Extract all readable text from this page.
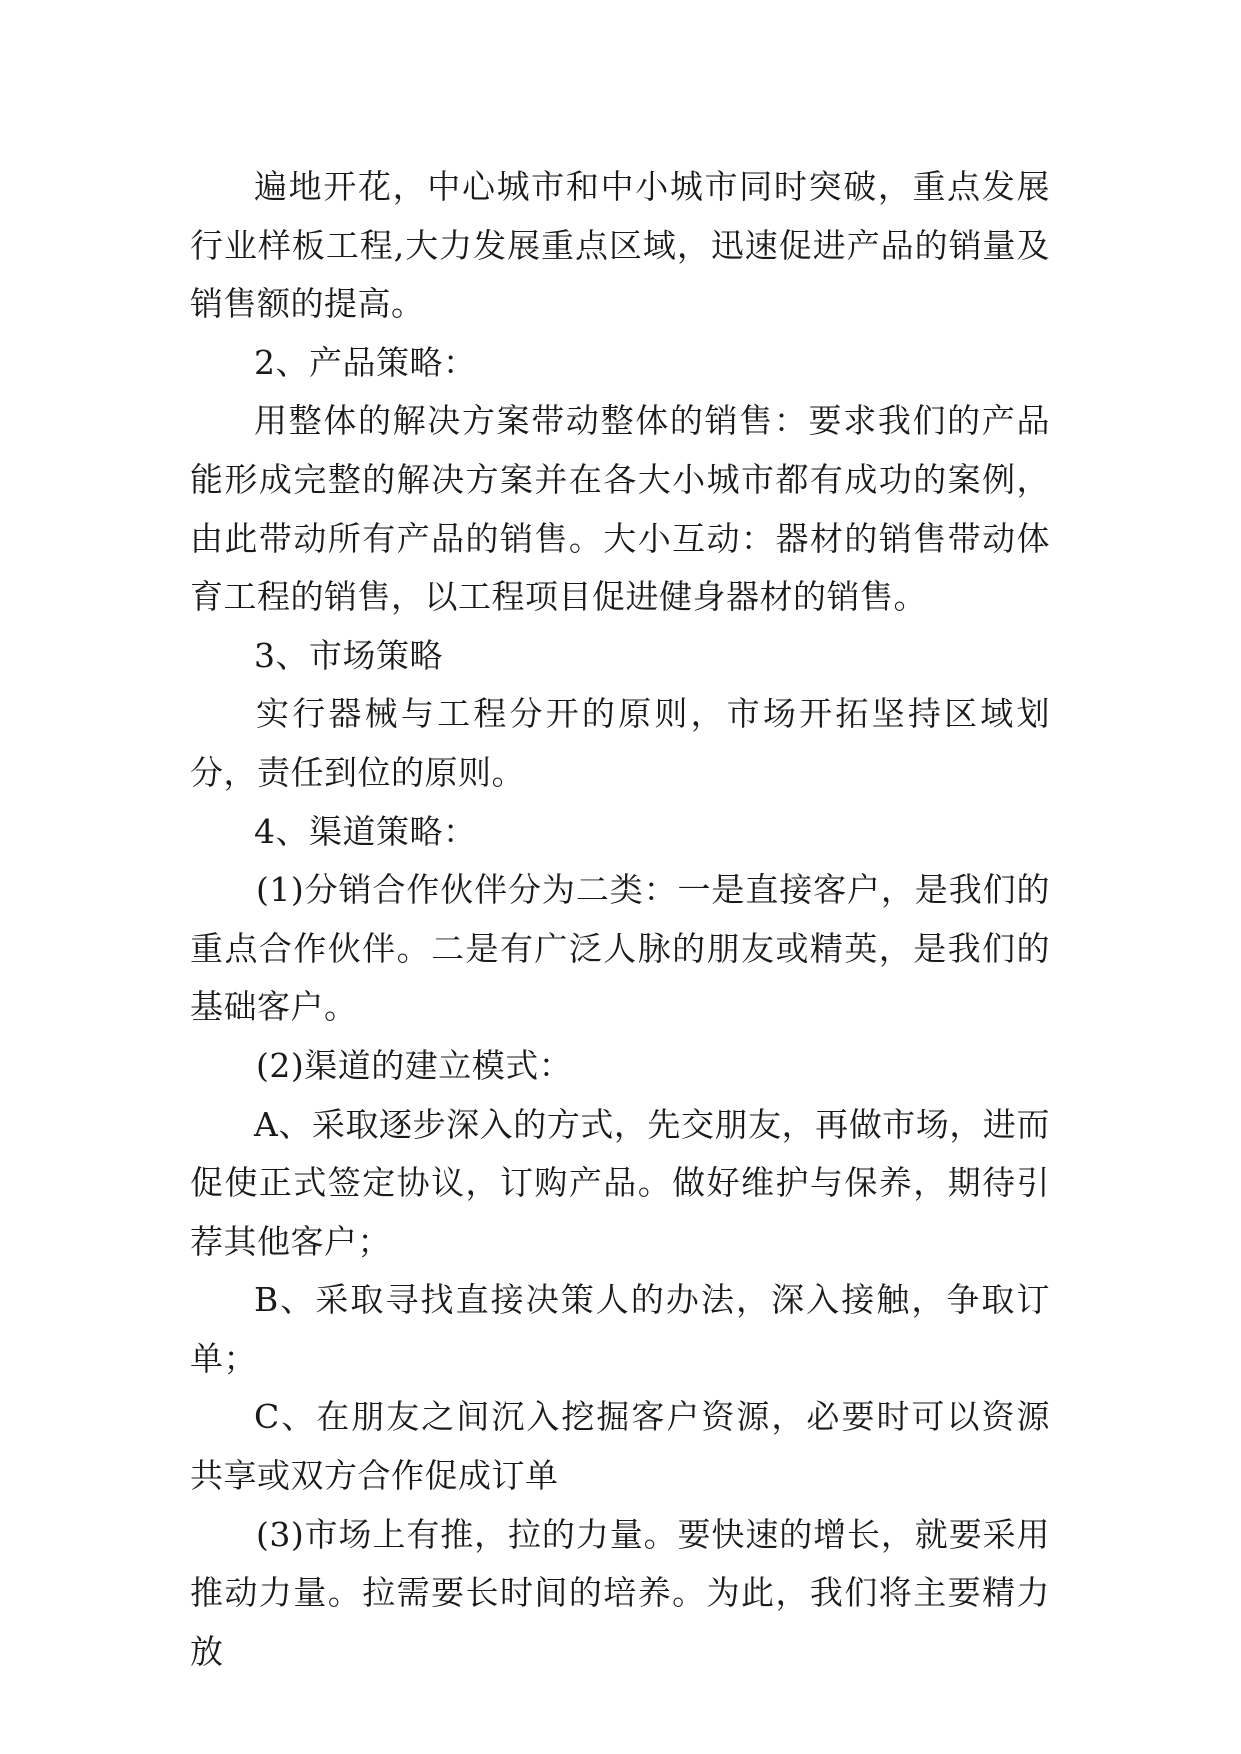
遍地开花，中心城市和中小城市同时突破，重点发展行业样板工程,大力发展重点区域，迅速促进产品的销量及销售额的提高。

2、产品策略：

用整体的解决方案带动整体的销售：要求我们的产品能形成完整的解决方案并在各大小城市都有成功的案例，由此带动所有产品的销售。大小互动：器材的销售带动体育工程的销售，以工程项目促进健身器材的销售。

3、市场策略

实行器械与工程分开的原则，市场开拓坚持区域划分，责任到位的原则。

4、渠道策略：

(1)分销合作伙伴分为二类：一是直接客户，是我们的重点合作伙伴。二是有广泛人脉的朋友或精英，是我们的基础客户。

(2)渠道的建立模式：

A、采取逐步深入的方式，先交朋友，再做市场，进而促使正式签定协议，订购产品。做好维护与保养，期待引荐其他客户；

B、采取寻找直接决策人的办法，深入接触，争取订单；

C、在朋友之间沉入挖掘客户资源，必要时可以资源共享或双方合作促成订单

(3)市场上有推，拉的力量。要快速的增长，就要采用推动力量。拉需要长时间的培养。为此，我们将主要精力放
